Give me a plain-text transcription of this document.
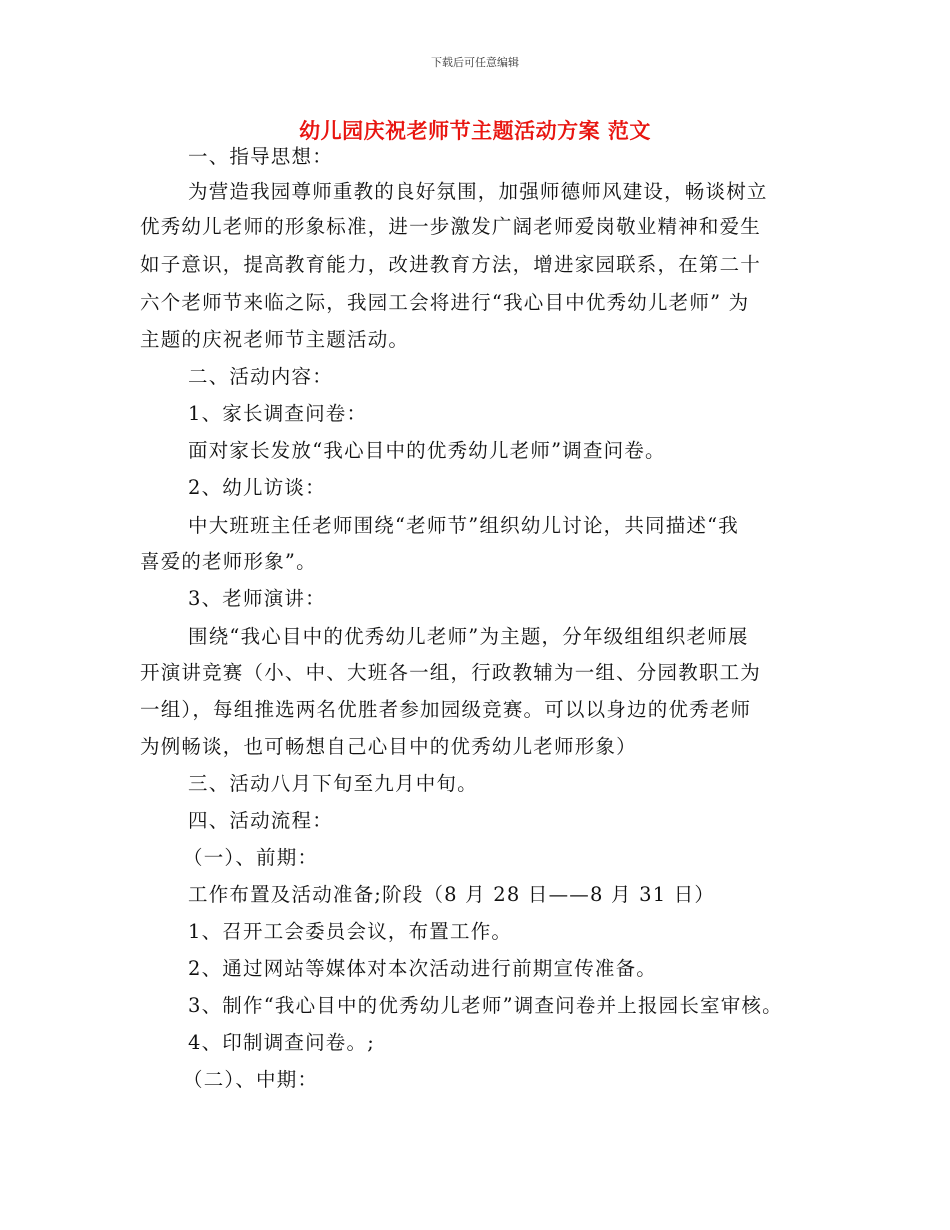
下载后可任意编辑
幼儿园庆祝老师节主题活动方案 范文
一、指导思想：
为营造我园尊师重教的良好氛围，加强师德师风建设，畅谈树立
优秀幼儿老师的形象标准，进一步激发广阔老师爱岗敬业精神和爱生
如子意识，提高教育能力，改进教育方法，增进家园联系，在第二十
六个老师节来临之际，我园工会将进行“我心目中优秀幼儿老师” 为
主题的庆祝老师节主题活动。
二、活动内容：
1、家长调查问卷：
面对家长发放“我心目中的优秀幼儿老师”调查问卷。
2、幼儿访谈：
中大班班主任老师围绕“老师节”组织幼儿讨论，共同描述“我
喜爱的老师形象”。
3、老师演讲：
围绕“我心目中的优秀幼儿老师”为主题，分年级组组织老师展
开演讲竞赛（小、中、大班各一组，行政教辅为一组、分园教职工为
一组），每组推选两名优胜者参加园级竞赛。可以以身边的优秀老师
为例畅谈，也可畅想自己心目中的优秀幼儿老师形象）
三、活动八月下旬至九月中旬。
四、活动流程：
（一）、前期：
工作布置及活动准备;阶段（8 月 28 日——8 月 31 日）
1、召开工会委员会议，布置工作。
2、通过网站等媒体对本次活动进行前期宣传准备。
3、制作“我心目中的优秀幼儿老师”调查问卷并上报园长室审核。
4、印制调查问卷。;
（二）、中期：
